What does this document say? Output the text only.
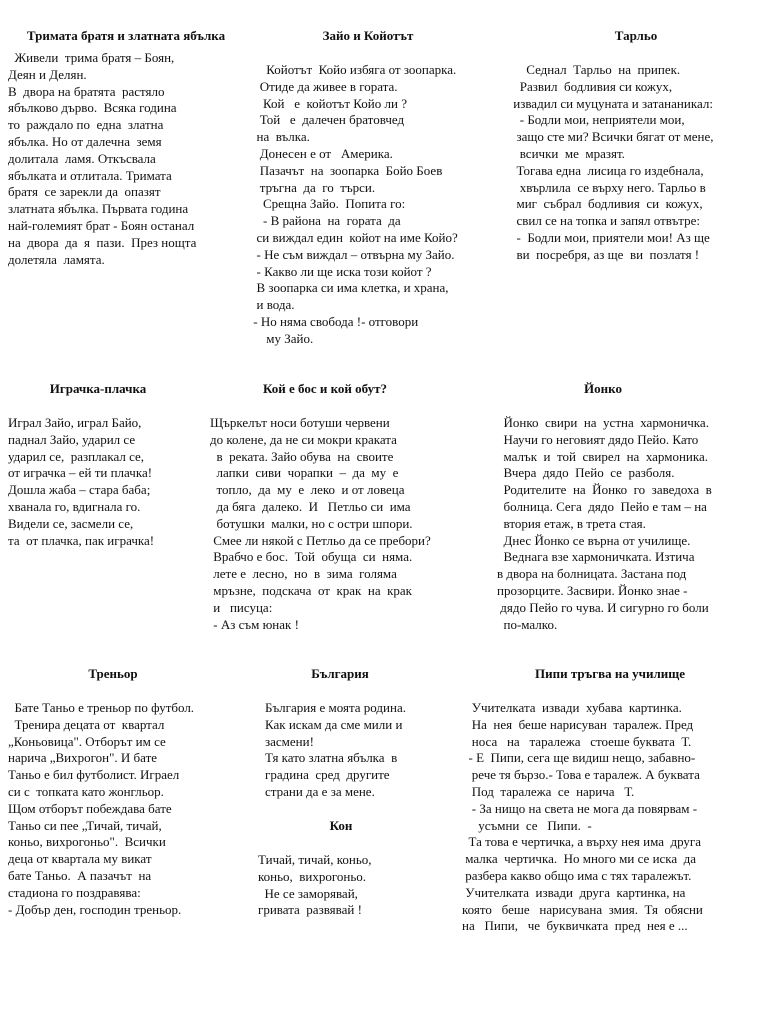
Тримата братя и златната ябълка
Живели  трима братя – Боян,
Деян и Делян.
В  двора на братята  растяло
ябълково дърво.  Всяка година
то  раждало по  една  златна
ябълка. Но от далечна  земя
долитала  ламя. Откъсвала
ябълката и отлитала. Тримата
братя  се зарекли да  опазят
златната ябълка. Първата година
най-големият брат - Боян останал
на  двора  да  я  пази.  През нощта
долетяла  ламята.
Зайо и Койотът
Койотът  Койо избяга от зоопарка.
Отиде да живее в гората.
Кой   е  койотът Койо ли ?
Той   е  далечен братовчед
на  вълка.
Донесен е от   Америка.
Пазачът  на  зоопарка  Бойо Боев
тръгна  да  го  търси.
Срещна Зайо.  Попита го:
- В района  на  гората  да
си виждал един  койот на име Койо?
- Не съм виждал – отвърна му Зайо.
- Какво ли ще иска този койот ?
В зоопарка си има клетка, и храна,
и вода.
- Но няма свобода !- отговори
му Зайо.
Тарльо
Седнал  Тарльо  на  припек.
Развил  бодливия си кожух,
извадил си муцуната и затананикал:
- Бодли мои, неприятели мои,
защо сте ми? Всички бягат от мене,
всички  ме  мразят.
Тогава една  лисица го издебнала,
хвърлила  се върху него. Тарльо в
миг  събрал  бодливия  си  кожух,
свил се на топка и запял отвътре:
-  Бодли мои, приятели мои! Аз ще
ви  посребря, аз ще  ви  позлатя !
Играчка-плачка
Играл Зайо, играл Байо,
паднал Зайо, ударил се
ударил се,  разплакал се,
от играчка – ей ти плачка!
Дошла жаба – стара баба;
хванала го, вдигнала го.
Видели се, засмели се,
та  от плачка, пак играчка!
Кой е бос и кой обут?
Щъркелът носи ботуши червени
до колене, да не си мокри краката
в  реката. Зайо обува  на  своите
лапки  сиви  чорапки  –  да  му  е
топло,  да  му  е  леко  и от ловеца
да бяга  далеко.  И   Петльо си  има
ботушки  малки, но с остри шпори.
Смее ли някой с Петльо да се пребори?
Врабчо е бос.  Той  обуща  си  няма.
лете е  лесно,  но  в  зима  голяма
мръзне,  подскача  от  крак  на  крак
и   писуца:
- Аз съм юнак !
Йонко
Йонко  свири  на  устна  хармоничка.
Научи го неговият дядо Пейо. Като
малък  и  той  свирел  на  хармоника.
Вчера  дядо  Пейо  се  разболя.
Родителите  на  Йонко  го  заведоха  в
болница. Сега  дядо  Пейо е там – на
втория етаж, в трета стая.
Днес Йонко се върна от училище.
Веднага взе хармоничката. Изтича
в двора на болницата. Застана под
прозорците. Засвири. Йонко знае -
дядо Пейо го чува. И сигурно го боли
по-малко.
Треньор
Бате Таньо е треньор по футбол.
Тренира децата от  квартал
„Коньовица". Отборът им се
нарича „Вихрогон". И бате
Таньо е бил футболист. Играел
си с  топката като жонгльор.
Щом отборът побеждава бате
Таньо си пее „Тичай, тичай,
коньо, вихрогоньо".  Всички
деца от квартала му викат
бате Таньо.  А пазачът  на
стадиона го поздравява:
- Добър ден, господин треньор.
България
България е моята родина.
Как искам да сме мили и
засмени!
Тя като златна ябълка  в
градина  сред  другите
страни да е за мене.
Кон
Тичай, тичай, коньо,
коньо,  вихрогоньо.
Не се заморявай,
гривата  развявай !
Пипи тръгва на училище
Учителката  извади  хубава  картинка.
На  нея  беше нарисуван  таралеж. Пред
носа   на   таралежа   стоеше буквата  Т.
- Е  Пипи, сега ще видиш нещо, забавно-
рече тя бързо.- Това е таралеж. А буквата
Под  таралежа  се  нарича   Т.
- За нищо на света не мога да повярвам -
усъмни  се   Пипи.  -
Та това е чертичка, а върху нея има  друга
малка  чертичка.  Но много ми се иска  да
разбера какво общо има с тях таралежът.
Учителката  извади  друга  картинка, на
която   беше   нарисувана  змия.  Тя  обясни
на   Пипи,   че  буквичката  пред  нея е ...
